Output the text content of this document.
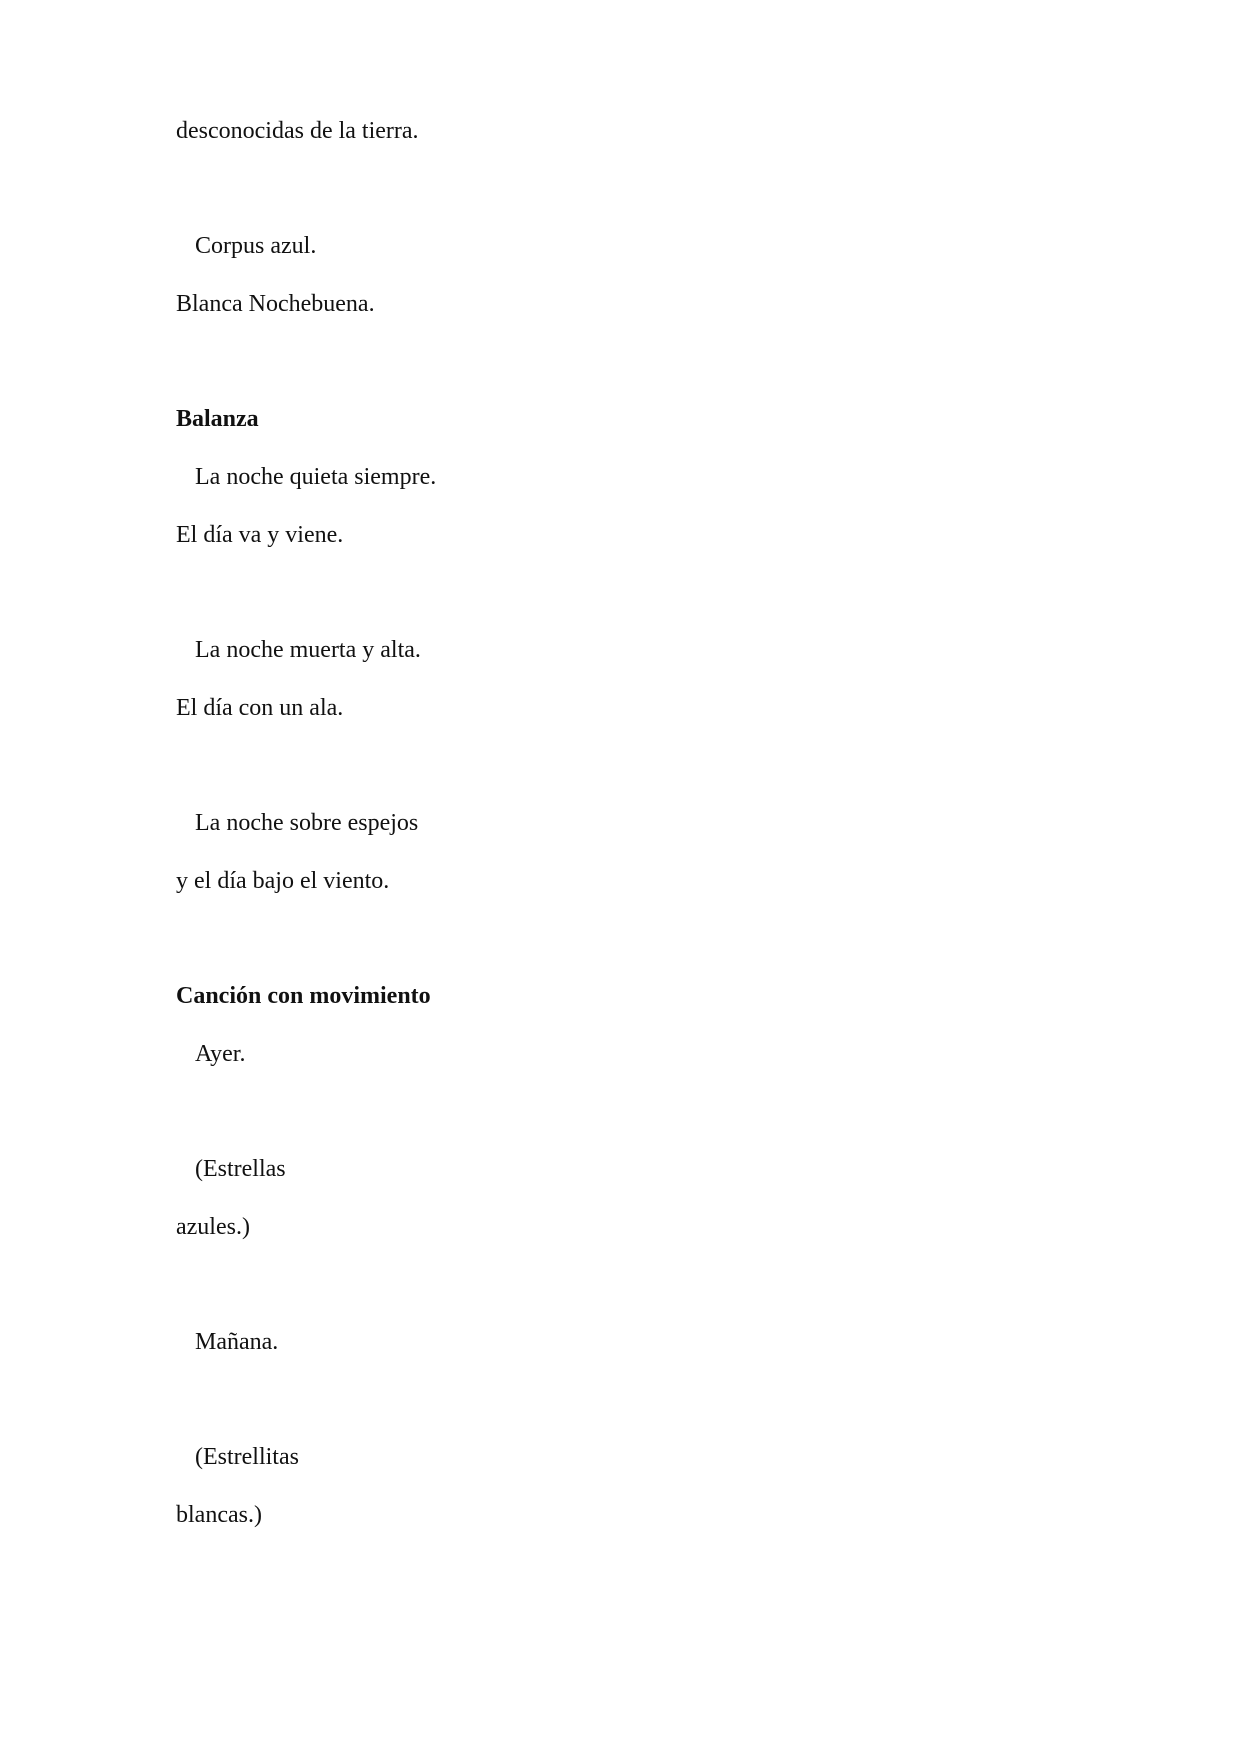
desconocidas de la tierra.
Corpus azul.
Blanca Nochebuena.
Balanza
La noche quieta siempre.
El día va y viene.
La noche muerta y alta.
El día con un ala.
La noche sobre espejos
y el día bajo el viento.
Canción con movimiento
Ayer.
(Estrellas
azules.)
Mañana.
(Estrellitas
blancas.)
